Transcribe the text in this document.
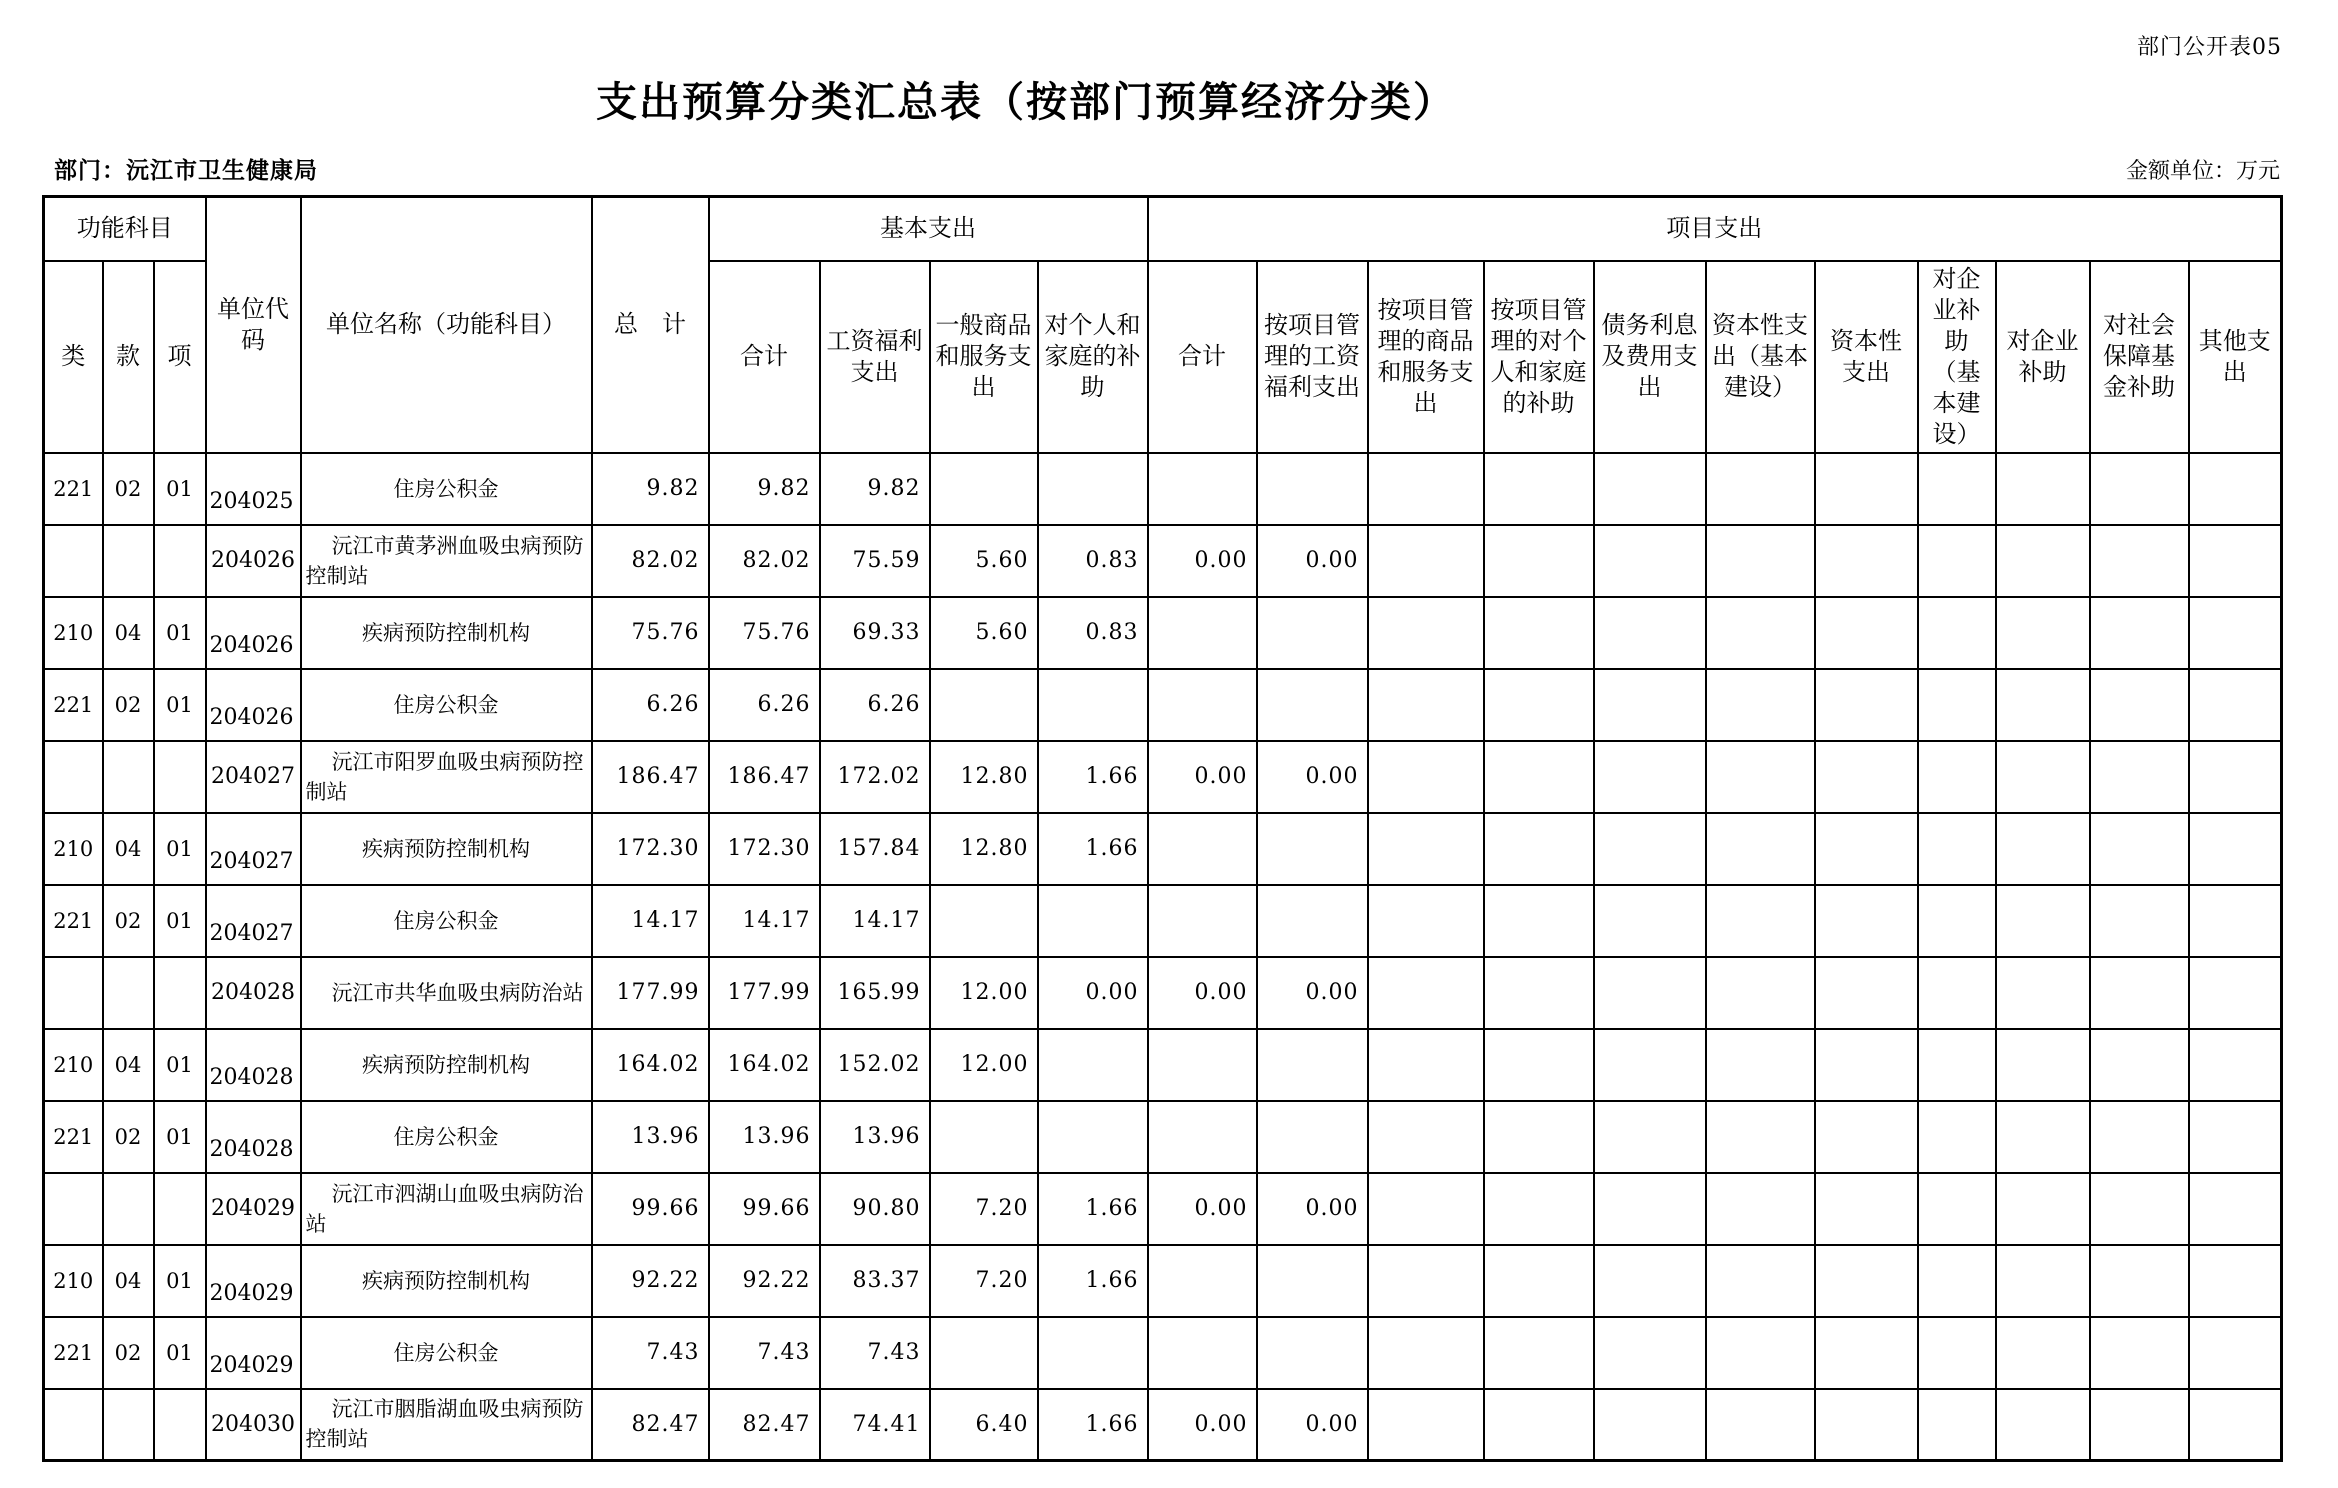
部门公开表05
支出预算分类汇总表（按部门预算经济分类）
部门：沅江市卫生健康局	金额单位：万元
功能科目			单位代码	单位名称（功能科目）	总　计	基本支出				项目支出										
类	款	项				合计	工资福利支出	一般商品和服务支出	对个人和家庭的补助	合计	按项目管理的工资福利支出	按项目管理的商品和服务支出	按项目管理的对个人和家庭的补助	债务利息及费用支出	资本性支出（基本建设）	资本性支出	对企业补助（基本建设）	对企业补助	对社会保障基金补助	其他支出
221	02	01	204025	住房公积金	9.82	9.82	9.82													
			204026	沅江市黄茅洲血吸虫病预防控制站	82.02	82.02	75.59	5.60	0.83	0.00	0.00									
210	04	01	204026	疾病预防控制机构	75.76	75.76	69.33	5.60	0.83											
221	02	01	204026	住房公积金	6.26	6.26	6.26													
			204027	沅江市阳罗血吸虫病预防控制站	186.47	186.47	172.02	12.80	1.66	0.00	0.00									
210	04	01	204027	疾病预防控制机构	172.30	172.30	157.84	12.80	1.66											
221	02	01	204027	住房公积金	14.17	14.17	14.17													
			204028	沅江市共华血吸虫病防治站	177.99	177.99	165.99	12.00	0.00	0.00	0.00									
210	04	01	204028	疾病预防控制机构	164.02	164.02	152.02	12.00												
221	02	01	204028	住房公积金	13.96	13.96	13.96													
			204029	沅江市泗湖山血吸虫病防治站	99.66	99.66	90.80	7.20	1.66	0.00	0.00									
210	04	01	204029	疾病预防控制机构	92.22	92.22	83.37	7.20	1.66											
221	02	01	204029	住房公积金	7.43	7.43	7.43													
			204030	沅江市胭脂湖血吸虫病预防控制站	82.47	82.47	74.41	6.40	1.66	0.00	0.00									
